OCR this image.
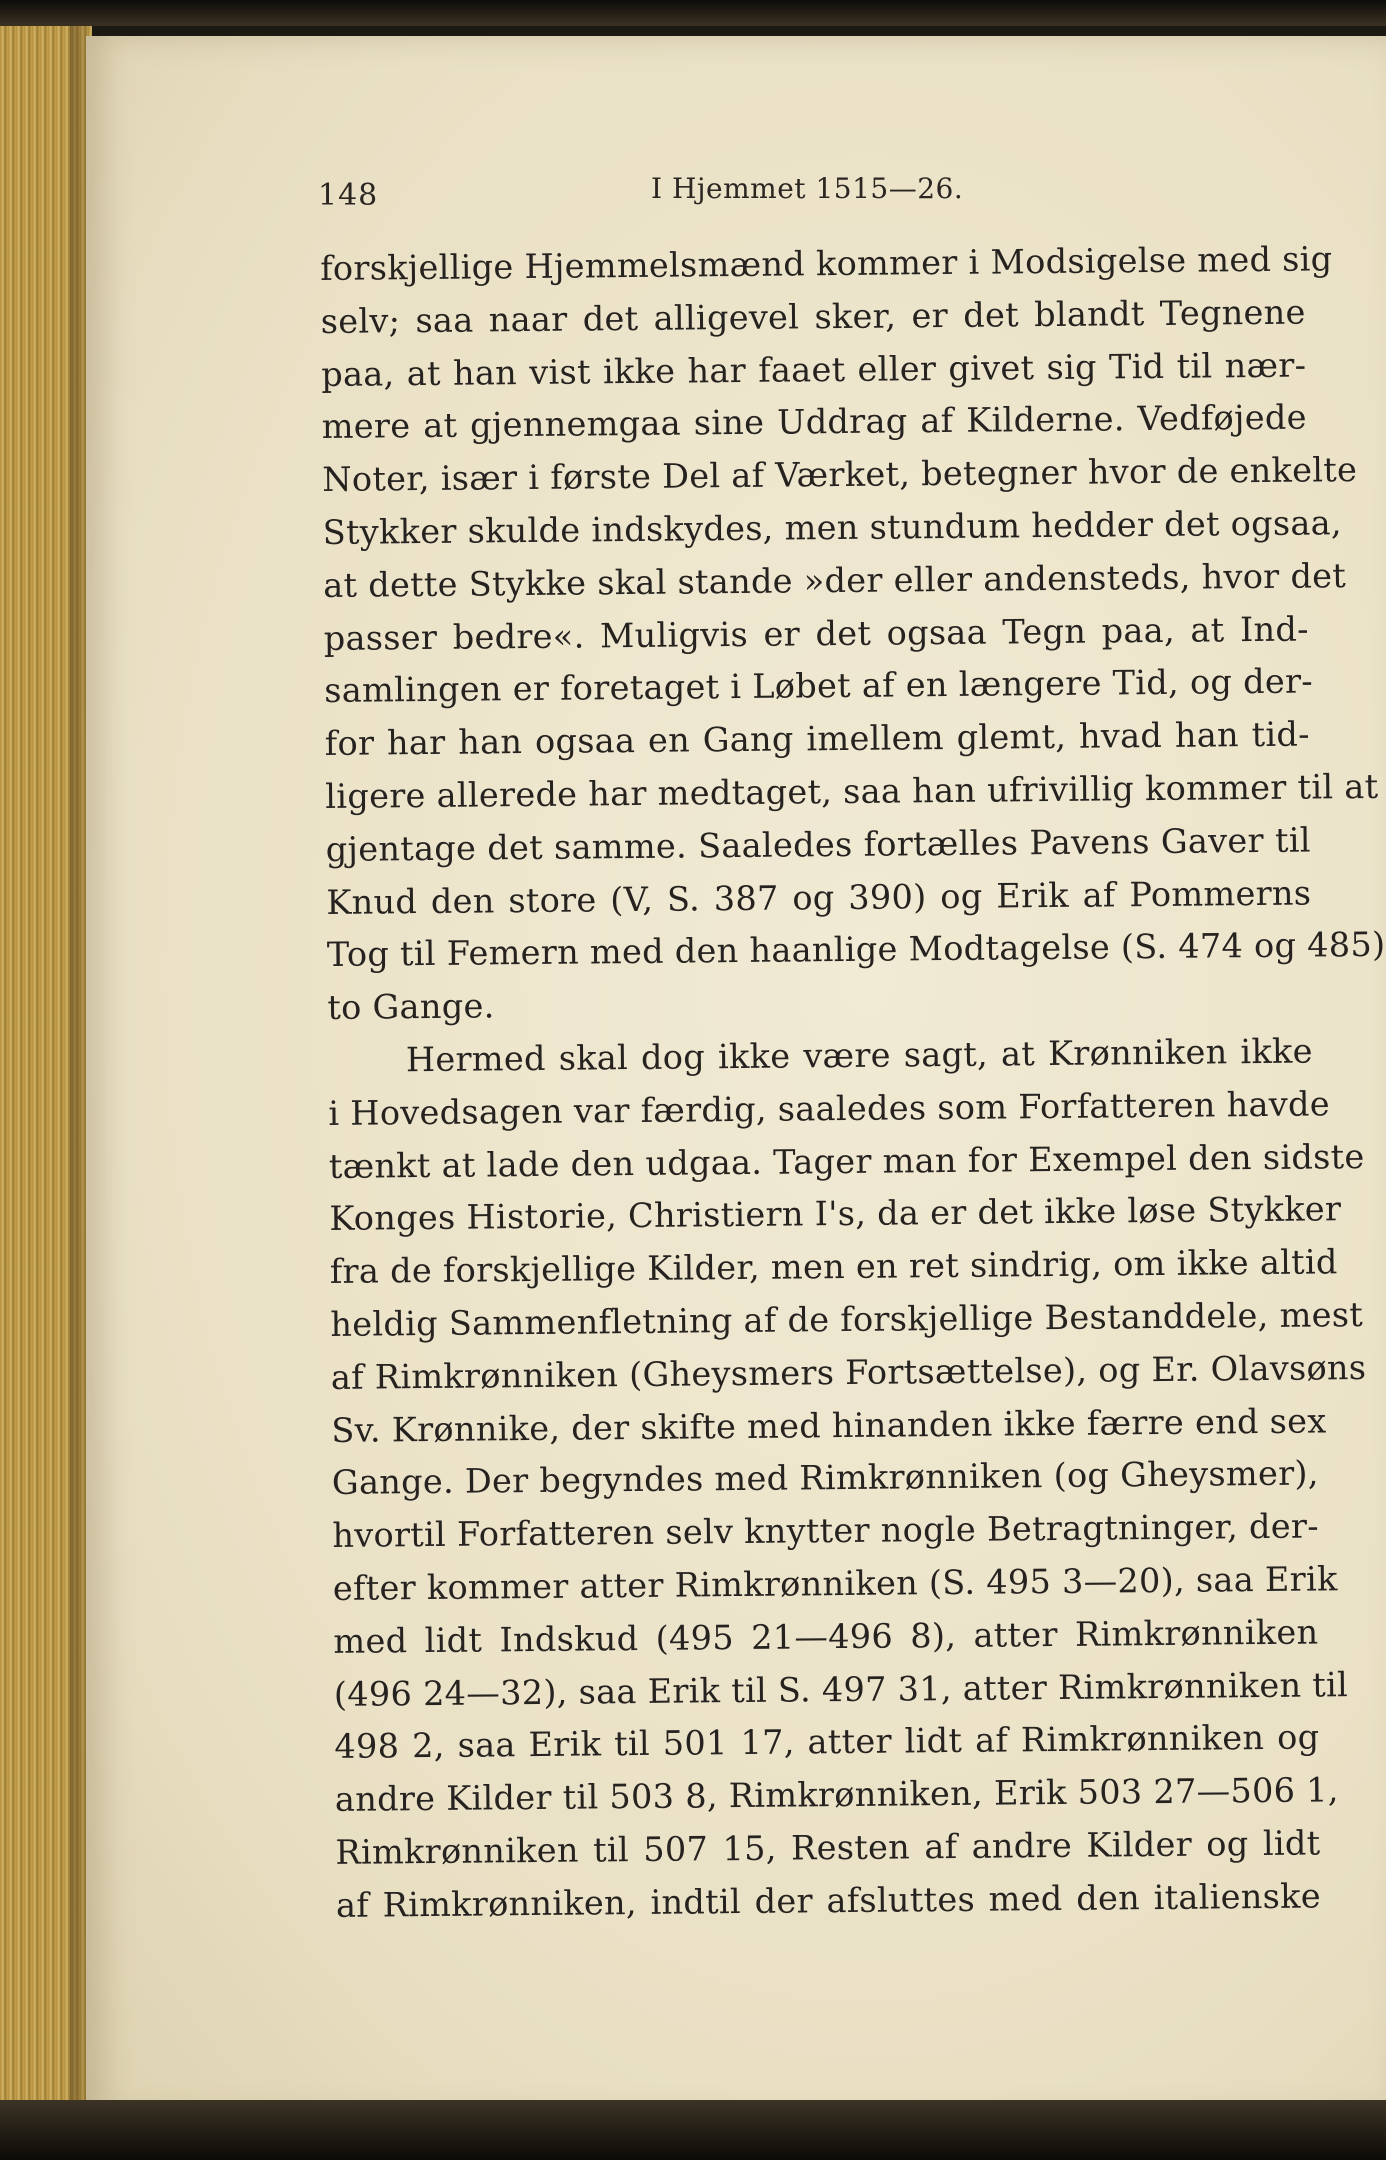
148	I Hjemmet 1515—26.
forskjellige Hjemmelsmænd kommer i Modsigelse med sig
selv; saa naar det alligevel sker, er det blandt Tegnene
paa, at han vist ikke har faaet eller givet sig Tid til nær-
mere at gjennemgaa sine Uddrag af Kilderne. Vedføjede
Noter, især i første Del af Værket, betegner hvor de enkelte
Stykker skulde indskydes, men stundum hedder det ogsaa,
at dette Stykke skal stande »der eller andensteds, hvor det
passer bedre«. Muligvis er det ogsaa Tegn paa, at Ind-
samlingen er foretaget i Løbet af en længere Tid, og der-
for har han ogsaa en Gang imellem glemt, hvad han tid-
ligere allerede har medtaget, saa han ufrivillig kommer til at
gjentage det samme. Saaledes fortælles Pavens Gaver til
Knud den store (V, S. 387 og 390) og Erik af Pommerns
Tog til Femern med den haanlige Modtagelse (S. 474 og 485)
to Gange.
Hermed skal dog ikke være sagt, at Krønniken ikke
i Hovedsagen var færdig, saaledes som Forfatteren havde
tænkt at lade den udgaa. Tager man for Exempel den sidste
Konges Historie, Christiern I's, da er det ikke løse Stykker
fra de forskjellige Kilder, men en ret sindrig, om ikke altid
heldig Sammenfletning af de forskjellige Bestanddele, mest
af Rimkrønniken (Gheysmers Fortsættelse), og Er. Olavsøns
Sv. Krønnike, der skifte med hinanden ikke færre end sex
Gange. Der begyndes med Rimkrønniken (og Gheysmer),
hvortil Forfatteren selv knytter nogle Betragtninger, der-
efter kommer atter Rimkrønniken (S. 495 3—20), saa Erik
med lidt Indskud (495 21—496 8), atter Rimkrønniken
(496 24—32), saa Erik til S. 497 31, atter Rimkrønniken til
498 2, saa Erik til 501 17, atter lidt af Rimkrønniken og
andre Kilder til 503 8, Rimkrønniken, Erik 503 27—506 1,
Rimkrønniken til 507 15, Resten af andre Kilder og lidt
af Rimkrønniken, indtil der afsluttes med den italienske
